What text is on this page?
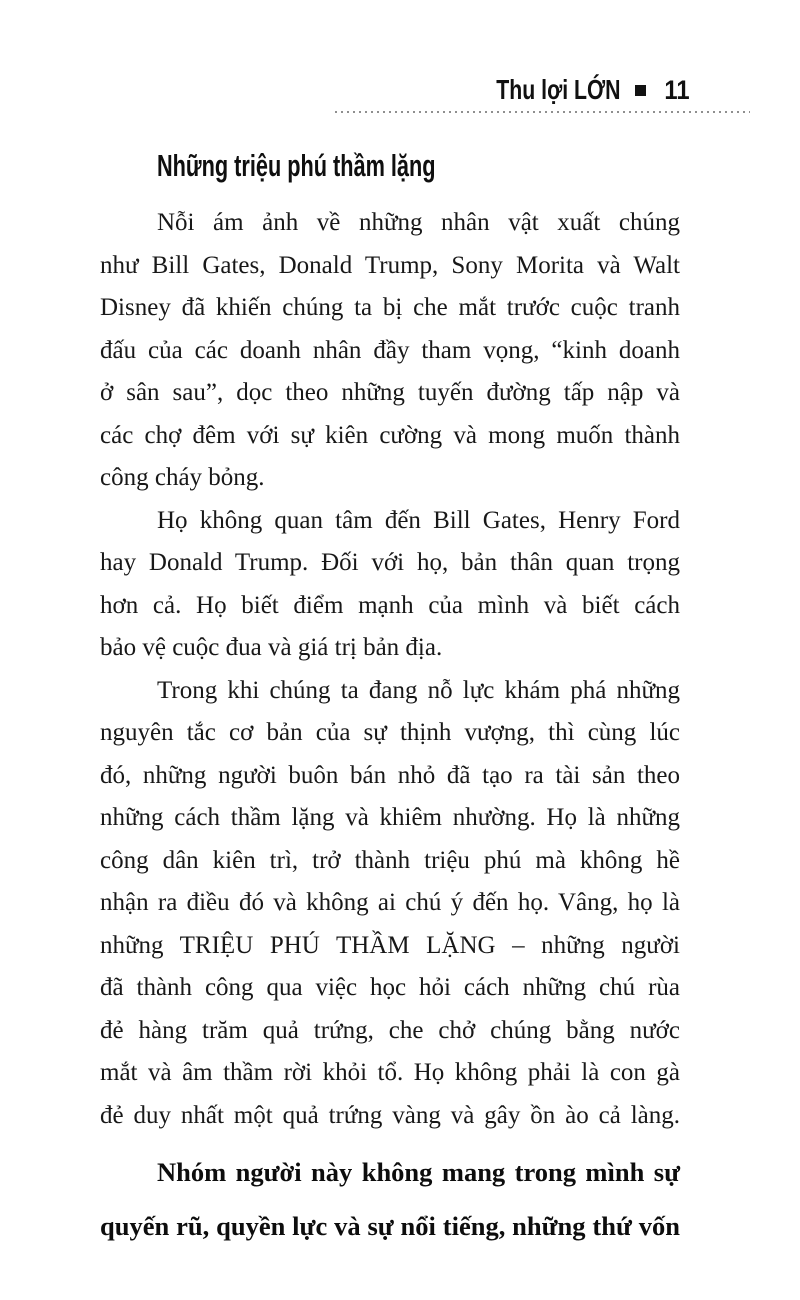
Thu lợi LỚN 11
Những triệu phú thầm lặng
Nỗi ám ảnh về những nhân vật xuất chúng
như Bill Gates, Donald Trump, Sony Morita và Walt
Disney đã khiến chúng ta bị che mắt trước cuộc tranh
đấu của các doanh nhân đầy tham vọng, “kinh doanh
ở sân sau”, dọc theo những tuyến đường tấp nập và
các chợ đêm với sự kiên cường và mong muốn thành
công cháy bỏng.
Họ không quan tâm đến Bill Gates, Henry Ford
hay Donald Trump. Đối với họ, bản thân quan trọng
hơn cả. Họ biết điểm mạnh của mình và biết cách
bảo vệ cuộc đua và giá trị bản địa.
Trong khi chúng ta đang nỗ lực khám phá những
nguyên tắc cơ bản của sự thịnh vượng, thì cùng lúc
đó, những người buôn bán nhỏ đã tạo ra tài sản theo
những cách thầm lặng và khiêm nhường. Họ là những
công dân kiên trì, trở thành triệu phú mà không hề
nhận ra điều đó và không ai chú ý đến họ. Vâng, họ là
những TRIỆU PHÚ THẦM LẶNG – những người
đã thành công qua việc học hỏi cách những chú rùa
đẻ hàng trăm quả trứng, che chở chúng bằng nước
mắt và âm thầm rời khỏi tổ. Họ không phải là con gà
đẻ duy nhất một quả trứng vàng và gây ồn ào cả làng.
Nhóm người này không mang trong mình sự
quyến rũ, quyền lực và sự nổi tiếng, những thứ vốn
